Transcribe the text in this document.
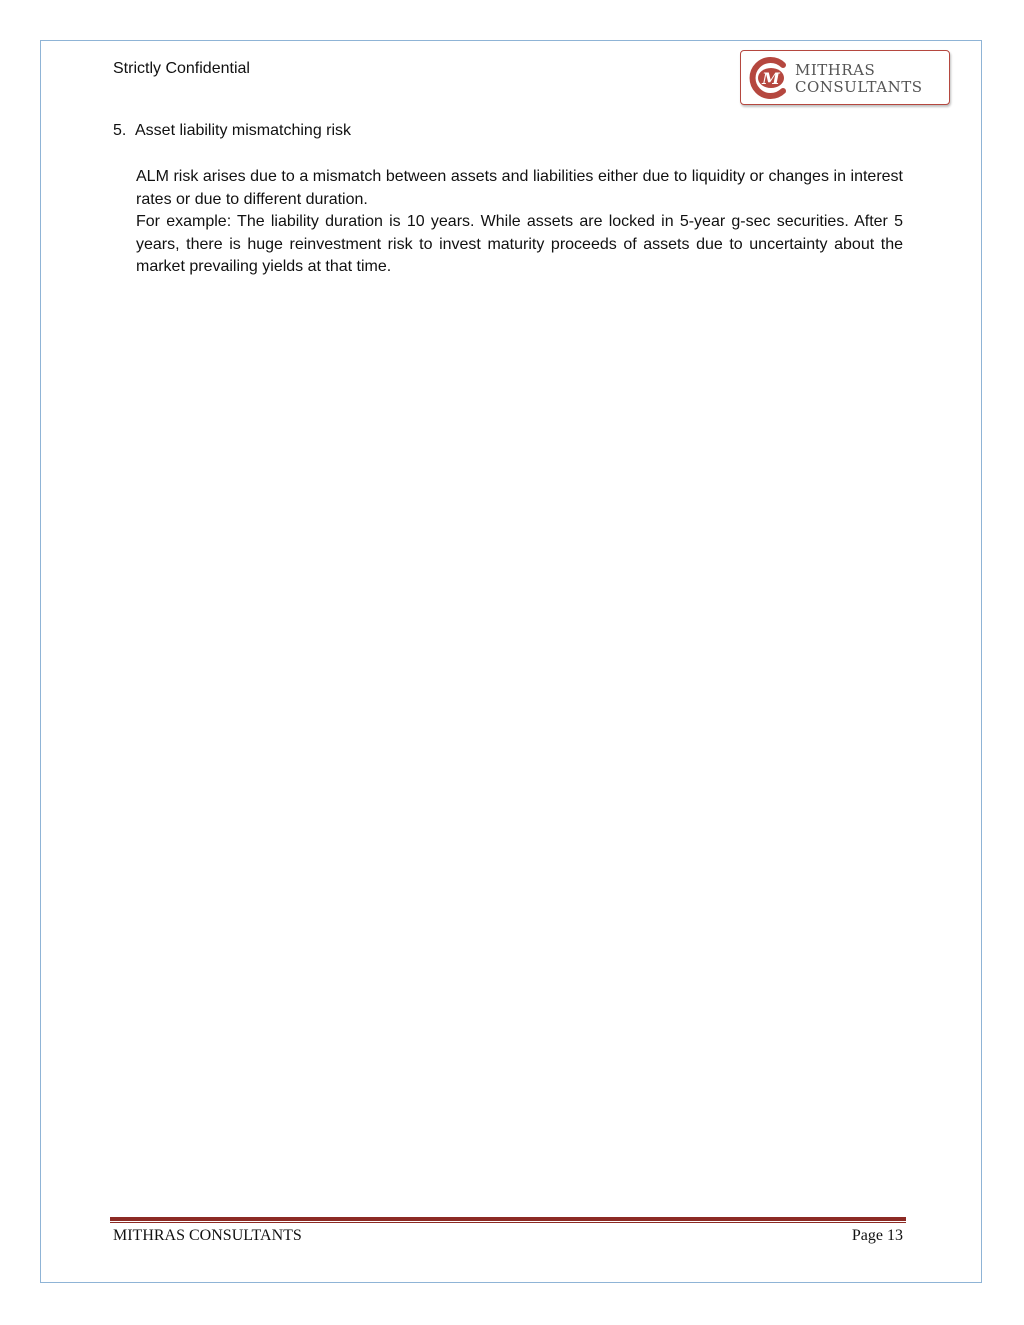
Strictly Confidential
M MITHRAS
CONSULTANTS
5. Asset liability mismatching risk

ALM risk arises due to a mismatch between assets and liabilities either due to liquidity or changes in interest rates or due to different duration.

For example: The liability duration is 10 years. While assets are locked in 5-year g-sec securities. After 5 years, there is huge reinvestment risk to invest maturity proceeds of assets due to uncertainty about the market prevailing yields at that time.

MITHRAS CONSULTANTS	Page 13
